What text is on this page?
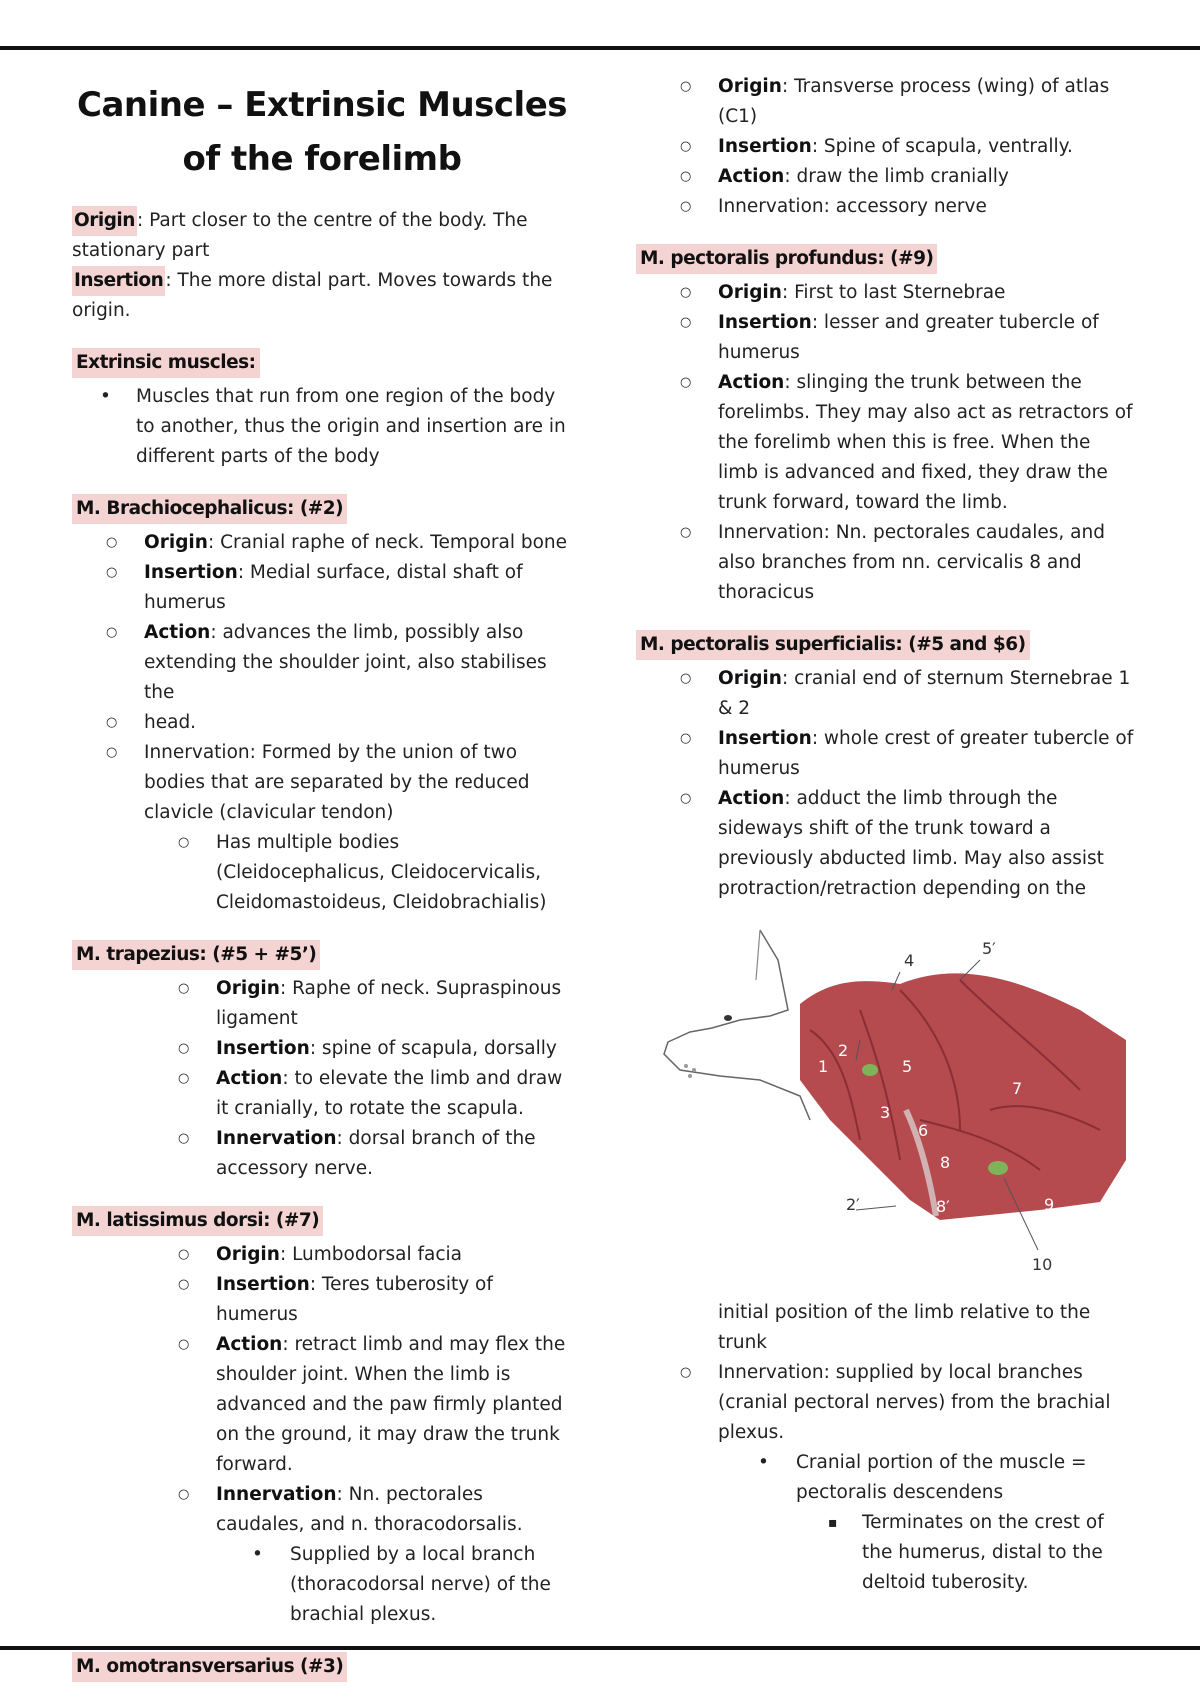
Canine – Extrinsic Muscles of the forelimb

Origin : Part closer to the centre of the body. The stationary part

Insertion : The more distal part. Moves towards the origin.

Extrinsic muscles:
• Muscles that run from one region of the body to another, thus the origin and insertion are in different parts of the body
M. Brachiocephalicus: (#2)
○ Origin: Cranial raphe of neck. Temporal bone
○ Insertion: Medial surface, distal shaft of humerus
○ Action: advances the limb, possibly also extending the shoulder joint, also stabilises the
○ head.
○ Innervation: Formed by the union of two bodies that are separated by the reduced clavicle (clavicular tendon)
○ Has multiple bodies (Cleidocephalicus, Cleidocervicalis, Cleidomastoideus, Cleidobrachialis)
M. trapezius: (#5 + #5’)
○ Origin: Raphe of neck. Supraspinous ligament
○ Insertion: spine of scapula, dorsally
○ Action: to elevate the limb and draw it cranially, to rotate the scapula.
○ Innervation: dorsal branch of the accessory nerve.
M. latissimus dorsi: (#7)
○ Origin: Lumbodorsal facia
○ Insertion: Teres tuberosity of humerus
○ Action: retract limb and may flex the shoulder joint. When the limb is advanced and the paw firmly planted on the ground, it may draw the trunk forward.
○ Innervation: Nn. pectorales caudales, and n. thoracodorsalis.
• Supplied by a local branch (thoracodorsal nerve) of the brachial plexus.
M. omotransversarius (#3)
○ Origin: Transverse process (wing) of atlas (C1)
○ Insertion: Spine of scapula, ventrally.
○ Action: draw the limb cranially
○ Innervation: accessory nerve
M. pectoralis profundus: (#9)
○ Origin: First to last Sternebrae
○ Insertion: lesser and greater tubercle of humerus
○ Action: slinging the trunk between the forelimbs. They may also act as retractors of the forelimb when this is free. When the limb is advanced and fixed, they draw the trunk forward, toward the limb.
○ Innervation: Nn. pectorales caudales, and also branches from nn. cervicalis 8 and thoracicus
M. pectoralis superficialis: (#5 and $6)
○ Origin: cranial end of sternum Sternebrae 1 & 2
○ Insertion: whole crest of greater tubercle of humerus
○ Action: adduct the limb through the sideways shift of the trunk toward a previously abducted limb. May also assist protraction/retraction depending on the
1
2
2′
3
4
5
5′
6
7
8
8′	9
10

initial position of the limb relative to the trunk

○ Innervation: supplied by local branches (cranial pectoral nerves) from the brachial plexus.
• Cranial portion of the muscle = pectoralis descendens
▪ Terminates on the crest of the humerus, distal to the deltoid tuberosity.
